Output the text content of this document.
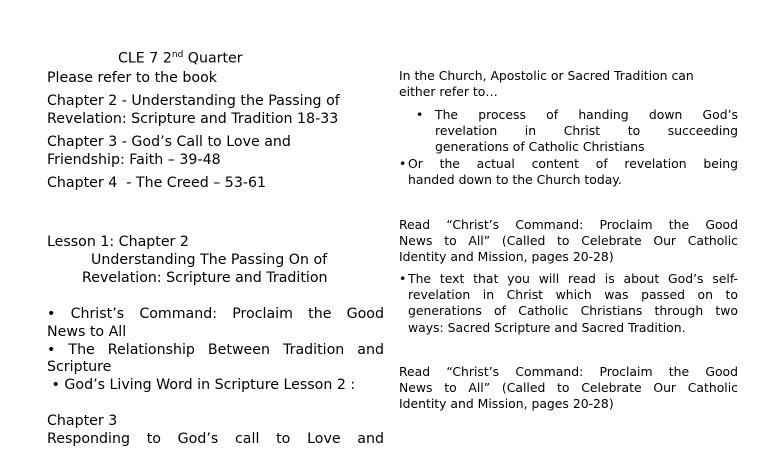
CLE 7 2nd Quarter

Please refer to the book

Chapter 2 - Understanding the Passing of

Revelation: Scripture and Tradition 18-33

Chapter 3 - God’s Call to Love and

Friendship: Faith – 39-48

Chapter 4  - The Creed – 53-61

Lesson 1: Chapter 2

Understanding The Passing On of

Revelation: Scripture and Tradition

• Christ’s Command: Proclaim the Good

News to All

• The Relationship Between Tradition and

Scripture

• God’s Living Word in Scripture Lesson 2 :

Chapter 3

Responding to God’s call to Love and

In the Church, Apostolic or Sacred Tradition can

either refer to…

• The process of handing down God’s

revelation in Christ to succeeding

generations of Catholic Christians

• Or the actual content of revelation being

handed down to the Church today.

Read “Christ’s Command: Proclaim the Good

News to All” (Called to Celebrate Our Catholic

Identity and Mission, pages 20-28)

• The text that you will read is about God’s self-

revelation in Christ which was passed on to

generations of Catholic Christians through two

ways: Sacred Scripture and Sacred Tradition.

Read “Christ’s Command: Proclaim the Good

News to All” (Called to Celebrate Our Catholic

Identity and Mission, pages 20-28)
